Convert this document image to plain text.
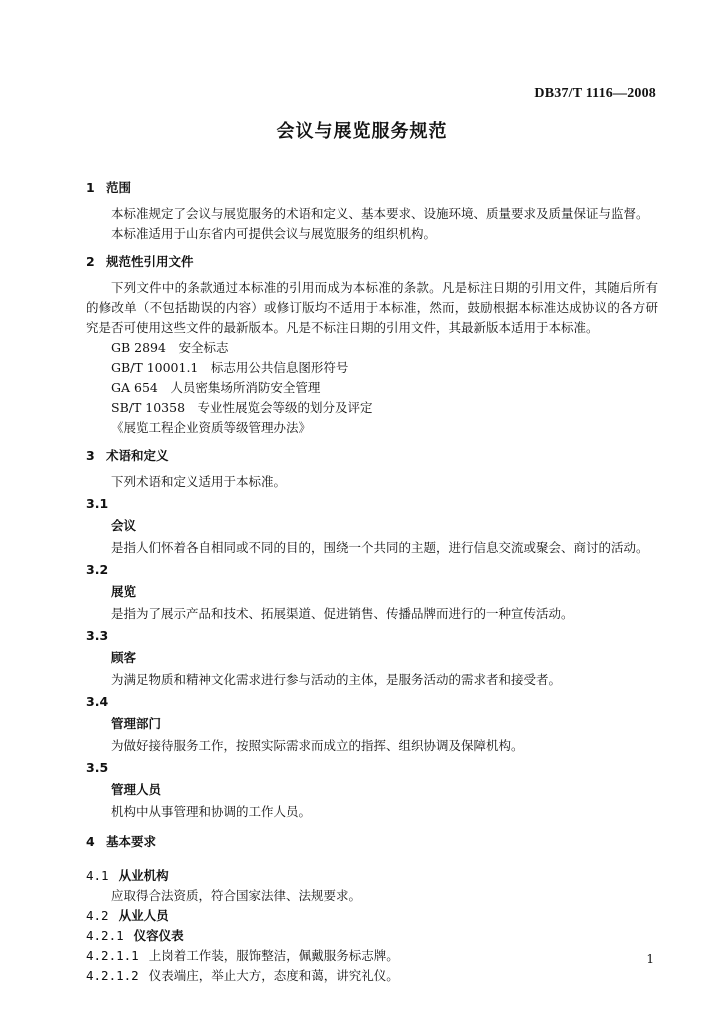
DB37/T 1116—2008
会议与展览服务规范
1 范围
本标准规定了会议与展览服务的术语和定义、基本要求、设施环境、质量要求及质量保证与监督。
本标准适用于山东省内可提供会议与展览服务的组织机构。
2 规范性引用文件
下列文件中的条款通过本标准的引用而成为本标准的条款。凡是标注日期的引用文件，其随后所有的修改单（不包括勘误的内容）或修订版均不适用于本标准，然而，鼓励根据本标准达成协议的各方研究是否可使用这些文件的最新版本。凡是不标注日期的引用文件，其最新版本适用于本标准。
GB 2894　安全标志
GB/T 10001.1　标志用公共信息图形符号
GA 654　人员密集场所消防安全管理
SB/T 10358　专业性展览会等级的划分及评定
《展览工程企业资质等级管理办法》
3 术语和定义
下列术语和定义适用于本标准。
3.1
会议
是指人们怀着各自相同或不同的目的，围绕一个共同的主题，进行信息交流或聚会、商讨的活动。
3.2
展览
是指为了展示产品和技术、拓展渠道、促进销售、传播品牌而进行的一种宣传活动。
3.3
顾客
为满足物质和精神文化需求进行参与活动的主体，是服务活动的需求者和接受者。
3.4
管理部门
为做好接待服务工作，按照实际需求而成立的指挥、组织协调及保障机构。
3.5
管理人员
机构中从事管理和协调的工作人员。
4 基本要求
4.1 从业机构
应取得合法资质，符合国家法律、法规要求。
4.2 从业人员
4.2.1 仪容仪表
4.2.1.1 上岗着工作装，服饰整洁，佩戴服务标志牌。
4.2.1.2 仪表端庄，举止大方，态度和蔼，讲究礼仪。
1
